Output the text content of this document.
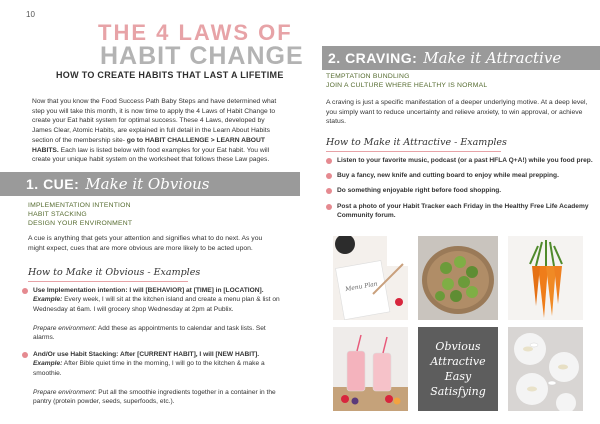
10
THE 4 LAWS OF
HABIT CHANGE
HOW TO CREATE HABITS THAT LAST A LIFETIME
Now that you know the Food Success Path Baby Steps and have determined what step you will take this month, it is now time to apply the 4 Laws of Habit Change to create your Eat habit system for optimal success. These 4 Laws, developed by James Clear, Atomic Habits, are explained in full detail in the Learn About Habits section of the membership site- go to HABIT CHALLENGE > LEARN ABOUT HABITS. Each law is listed below with food examples for your Eat habit. You will create your unique habit system on the worksheet that follows these Law pages.
1. CUE: Make it Obvious
IMPLEMENTATION INTENTION
HABIT STACKING
DESIGN YOUR ENVIRONMENT
A cue is anything that gets your attention and signifies what to do next. As you might expect, cues that are more obvious are more likely to be acted upon.
How to Make it Obvious - Examples
Use Implementation intention: I will [BEHAVIOR] at [TIME] in [LOCATION].
Example: Every week, I will sit at the kitchen island and create a menu plan & list on Wednesday at 6am. I will grocery shop Wednesday at 2pm at Publix.

Prepare environment: Add these as appointments to calendar and task lists. Set alarms.
And/Or use Habit Stacking: After [CURRENT HABIT], I will [NEW HABIT].
Example: After Bible quiet time in the morning, I will go to the kitchen & make a smoothie.

Prepare environment: Put all the smoothie ingredients together in a container in the pantry (protein powder, seeds, superfoods, etc.).
2. CRAVING: Make it Attractive
TEMPTATION BUNDLING
JOIN A CULTURE WHERE HEALTHY IS NORMAL
A craving is just a specific manifestation of a deeper underlying motive. At a deep level, you simply want to reduce uncertainty and relieve anxiety, to win approval, or achieve status.
How to Make it Attractive - Examples
Listen to your favorite music, podcast (or a past HFLA Q+A!) while you food prep.
Buy a fancy, new knife and cutting board to enjoy while meal prepping.
Do something enjoyable right before food shopping.
Post a photo of your Habit Tracker each Friday in the Healthy Free Life Academy Community forum.
Menu Plan
Obvious
Attractive
Easy
Satisfying
